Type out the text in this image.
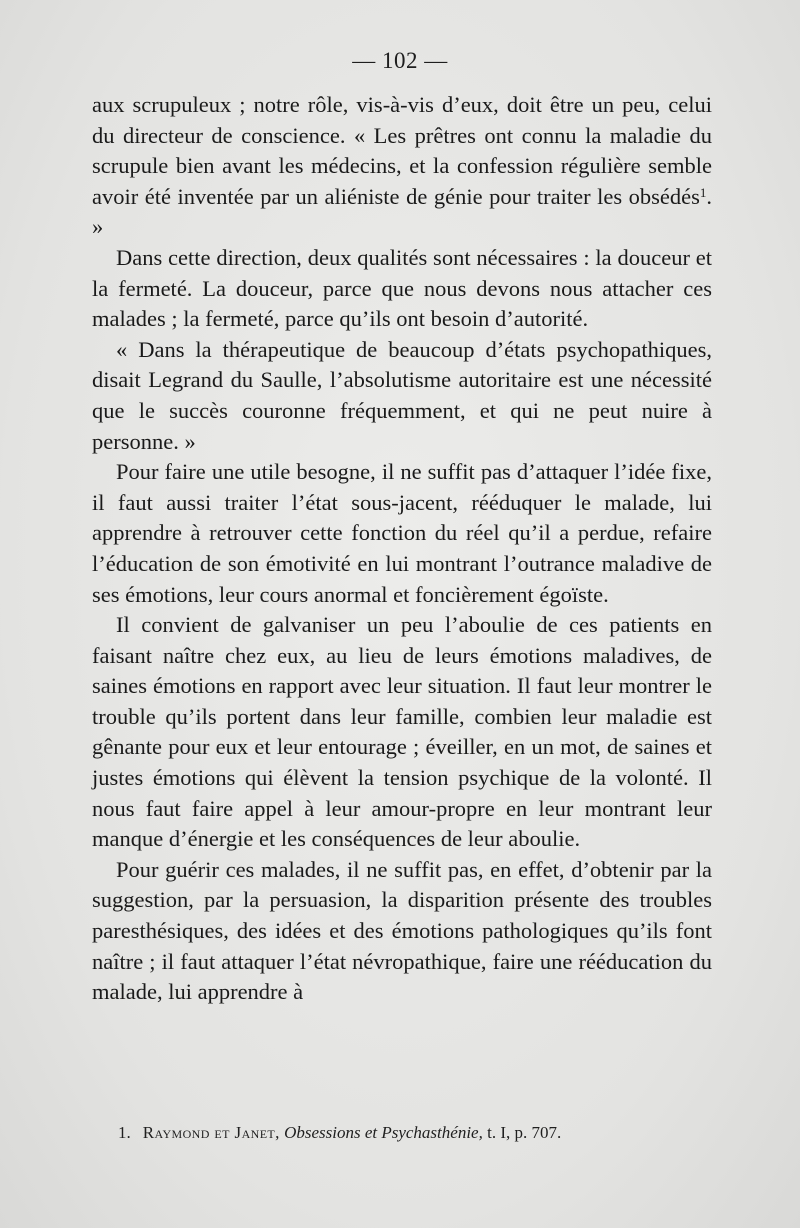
— 102 —

aux scrupuleux ; notre rôle, vis-à-vis d’eux, doit être un peu, celui du directeur de conscience. « Les prêtres ont connu la maladie du scrupule bien avant les médecins, et la confession régulière semble avoir été inventée par un aliéniste de génie pour traiter les obsédés$^1$. »

Dans cette direction, deux qualités sont nécessaires : la douceur et la fermeté. La douceur, parce que nous devons nous attacher ces malades ; la fermeté, parce qu’ils ont besoin d’autorité.

« Dans la thérapeutique de beaucoup d’états psychopathiques, disait Legrand du Saulle, l’absolutisme autoritaire est une nécessité que le succès couronne fréquemment, et qui ne peut nuire à personne. »

Pour faire une utile besogne, il ne suffit pas d’attaquer l’idée fixe, il faut aussi traiter l’état sous-jacent, rééduquer le malade, lui apprendre à retrouver cette fonction du réel qu’il a perdue, refaire l’éducation de son émotivité en lui montrant l’outrance maladive de ses émotions, leur cours anormal et foncièrement égoïste.

Il convient de galvaniser un peu l’aboulie de ces patients en faisant naître chez eux, au lieu de leurs émotions maladives, de saines émotions en rapport avec leur situation. Il faut leur montrer le trouble qu’ils portent dans leur famille, combien leur maladie est gênante pour eux et leur entourage ; éveiller, en un mot, de saines et justes émotions qui élèvent la tension psychique de la volonté. Il nous faut faire appel à leur amour-propre en leur montrant leur manque d’énergie et les conséquences de leur aboulie.

Pour guérir ces malades, il ne suffit pas, en effet, d’obtenir par la suggestion, par la persuasion, la disparition présente des troubles paresthésiques, des idées et des émotions pathologiques qu’ils font naître ; il faut attaquer l’état névropathique, faire une rééducation du malade, lui apprendre à

1. Raymond et Janet, Obsessions et Psychasthénie, t. I, p. 707.
